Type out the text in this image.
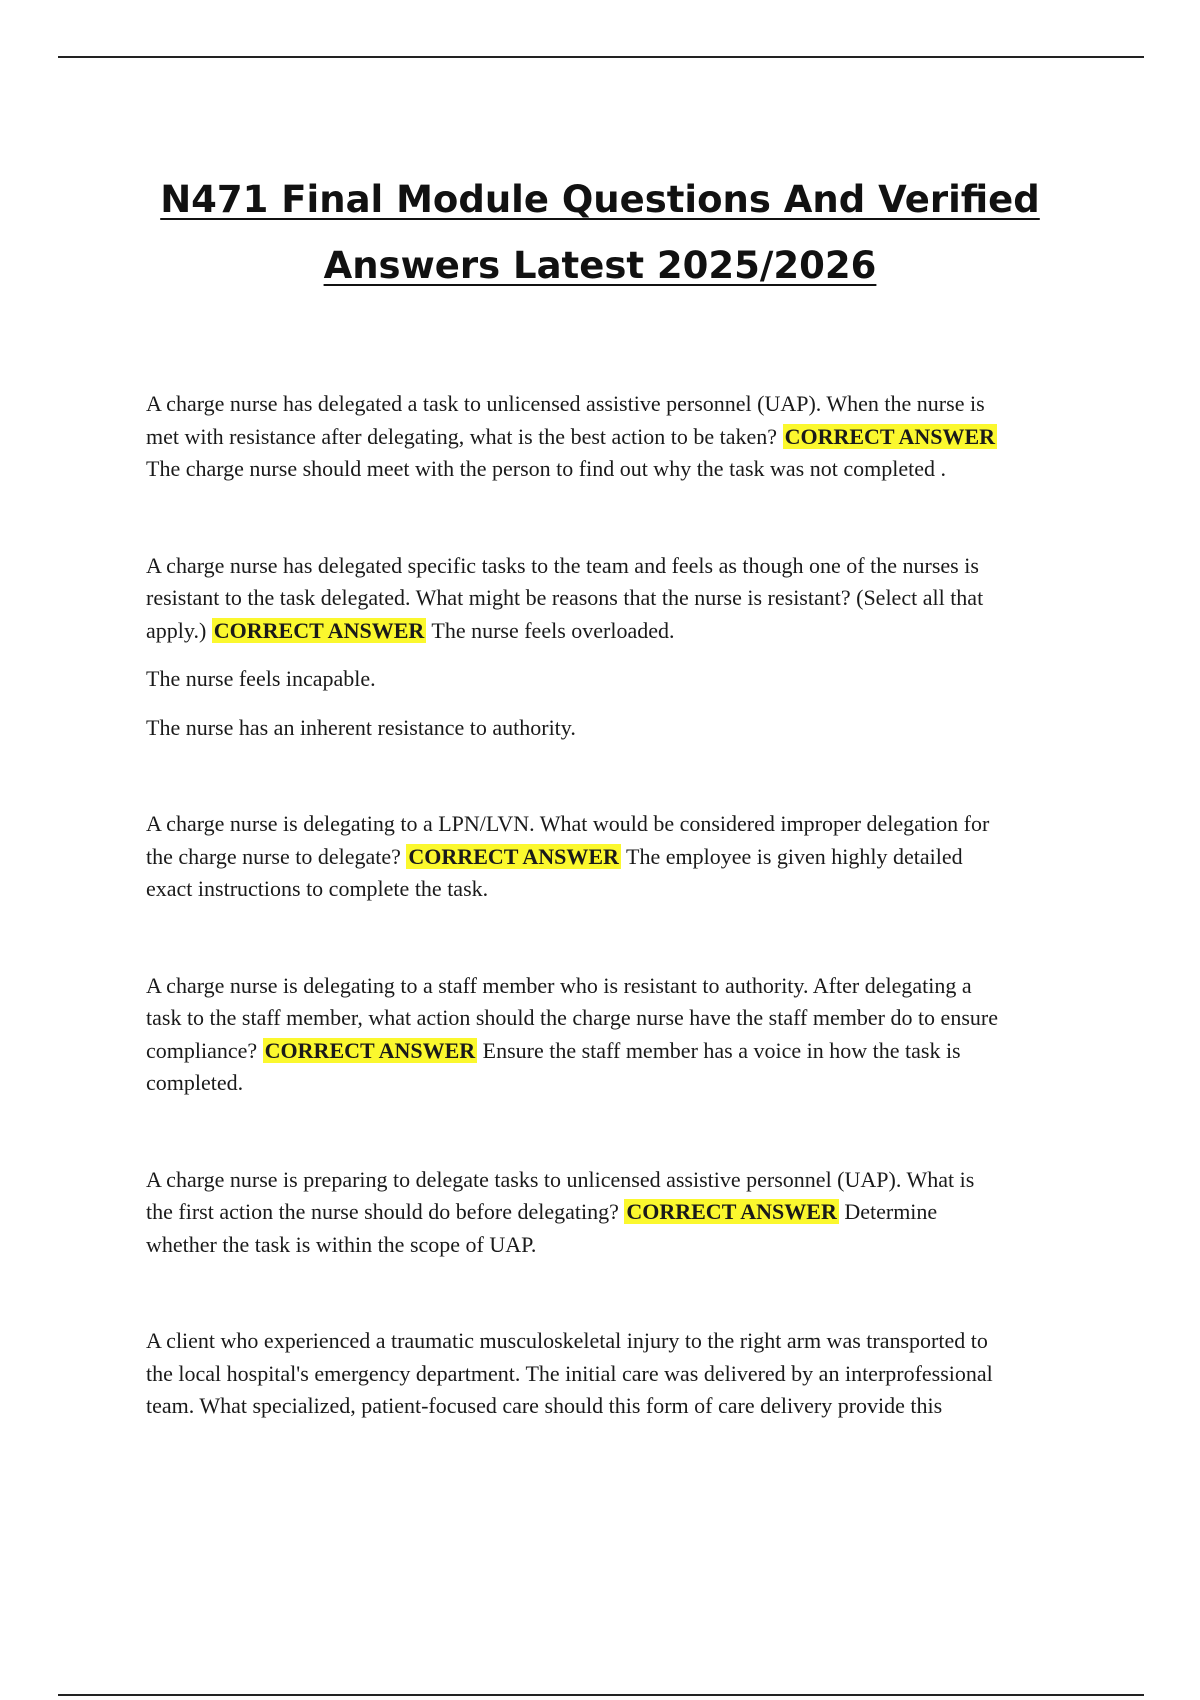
N471 Final Module Questions And Verified
Answers Latest 2025/2026

A charge nurse has delegated a task to unlicensed assistive personnel (UAP). When the nurse is

met with resistance after delegating, what is the best action to be taken? CORRECT ANSWER

The charge nurse should meet with the person to find out why the task was not completed .

A charge nurse has delegated specific tasks to the team and feels as though one of the nurses is

resistant to the task delegated. What might be reasons that the nurse is resistant? (Select all that

apply.) CORRECT ANSWER The nurse feels overloaded.

The nurse feels incapable.

The nurse has an inherent resistance to authority.

A charge nurse is delegating to a LPN/LVN. What would be considered improper delegation for

the charge nurse to delegate? CORRECT ANSWER The employee is given highly detailed

exact instructions to complete the task.

A charge nurse is delegating to a staff member who is resistant to authority. After delegating a

task to the staff member, what action should the charge nurse have the staff member do to ensure

compliance? CORRECT ANSWER Ensure the staff member has a voice in how the task is

completed.

A charge nurse is preparing to delegate tasks to unlicensed assistive personnel (UAP). What is

the first action the nurse should do before delegating? CORRECT ANSWER Determine

whether the task is within the scope of UAP.

A client who experienced a traumatic musculoskeletal injury to the right arm was transported to

the local hospital's emergency department. The initial care was delivered by an interprofessional

team. What specialized, patient-focused care should this form of care delivery provide this
